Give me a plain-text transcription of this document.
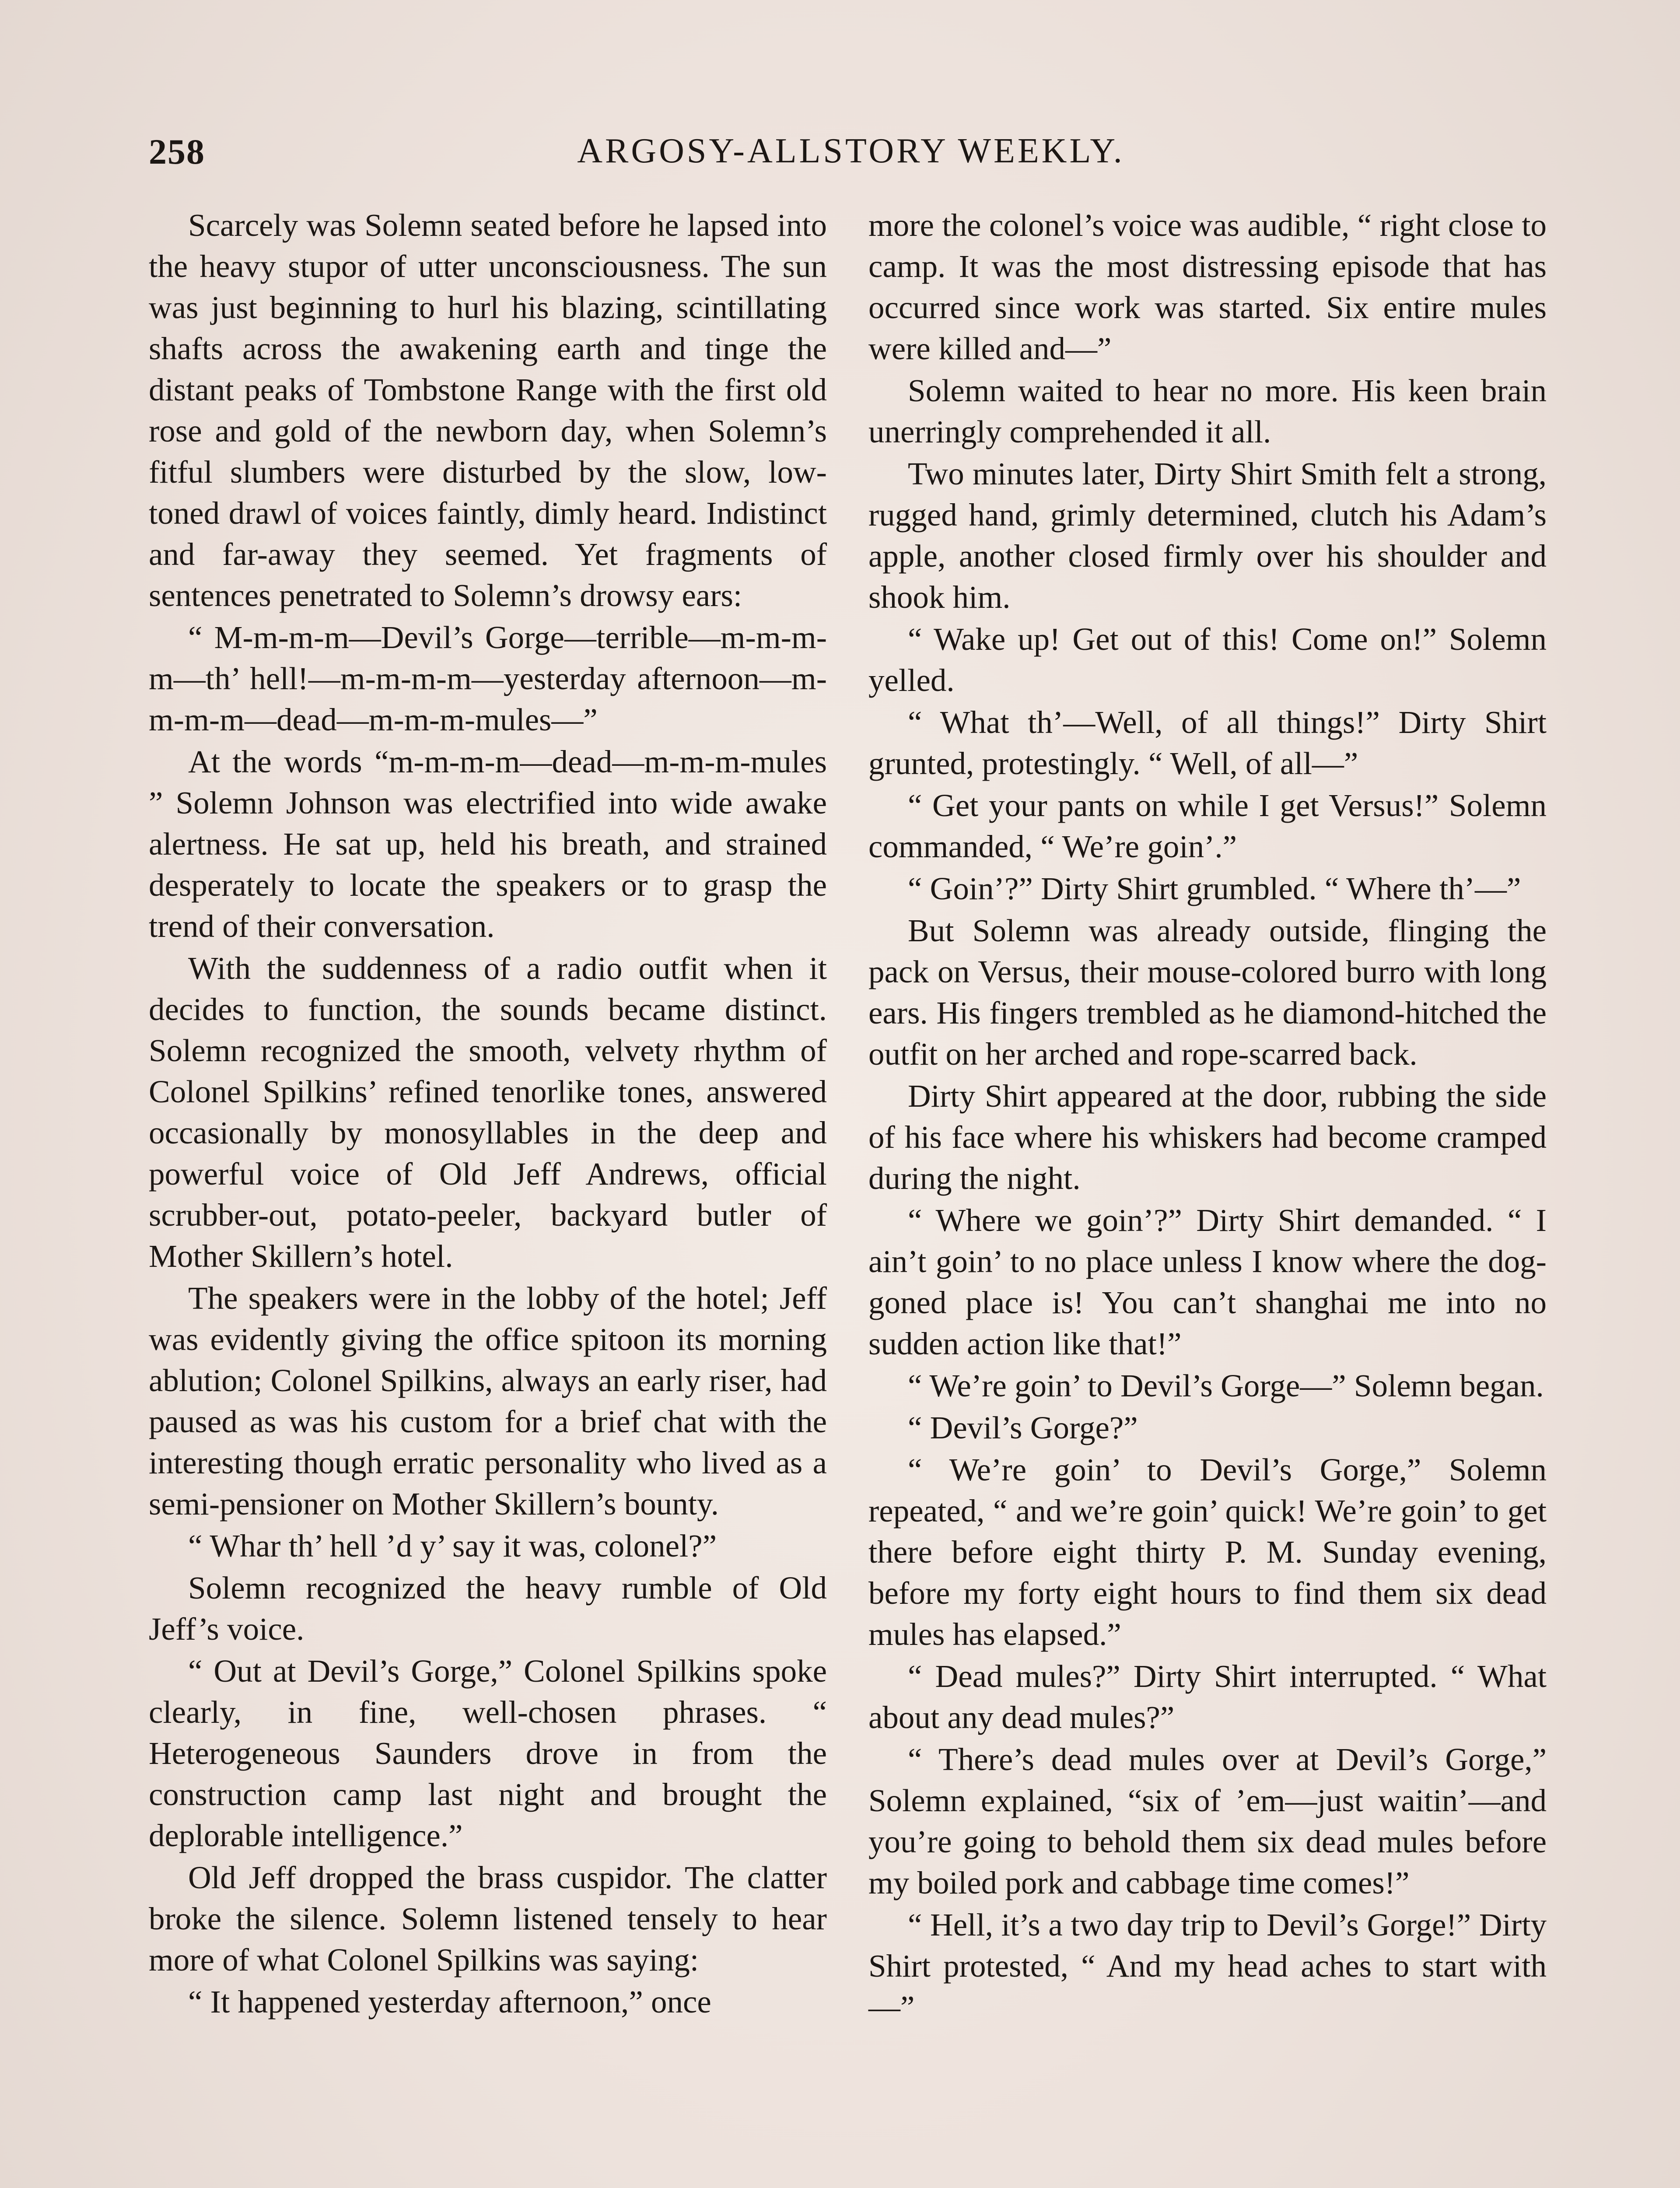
258	ARGOSY-ALLSTORY WEEKLY.

Scarcely was Solemn seated before he lapsed into the heavy stupor of utter unconsciousness. The sun was just beginning to hurl his blazing, scintillating shafts across the awakening earth and tinge the distant peaks of Tombstone Range with the first old rose and gold of the newborn day, when Solemn’s fitful slumbers were disturbed by the slow, low-toned drawl of voices faintly, dimly heard. Indistinct and far-away they seemed. Yet fragments of sentences penetrated to Solemn’s drowsy ears:

“ M-m-m-m—Devil’s Gorge—terrible—m-m-m-m—th’ hell!—m-m-m-m—yesterday afternoon—m-m-m-m—dead—m-m-m-mules—”

At the words “m-m-m-m—dead—m-m-m-mules ” Solemn Johnson was electrified into wide awake alertness. He sat up, held his breath, and strained desperately to locate the speakers or to grasp the trend of their conversation.

With the suddenness of a radio outfit when it decides to function, the sounds became distinct. Solemn recognized the smooth, velvety rhythm of Colonel Spilkins’ refined tenorlike tones, answered occasionally by monosyllables in the deep and powerful voice of Old Jeff Andrews, official scrubber-out, potato-peeler, backyard butler of Mother Skillern’s hotel.

The speakers were in the lobby of the hotel; Jeff was evidently giving the office spitoon its morning ablution; Colonel Spilkins, always an early riser, had paused as was his custom for a brief chat with the interesting though erratic personality who lived as a semi-pensioner on Mother Skillern’s bounty.

“ Whar th’ hell ’d y’ say it was, colonel?”

Solemn recognized the heavy rumble of Old Jeff’s voice.

“ Out at Devil’s Gorge,” Colonel Spilkins spoke clearly, in fine, well-chosen phrases. “ Heterogeneous Saunders drove in from the construction camp last night and brought the deplorable intelligence.”

Old Jeff dropped the brass cuspidor. The clatter broke the silence. Solemn listened tensely to hear more of what Colonel Spilkins was saying:

“ It happened yesterday afternoon,” once

more the colonel’s voice was audible, “ right close to camp. It was the most distressing episode that has occurred since work was started. Six entire mules were killed and—”

Solemn waited to hear no more. His keen brain unerringly comprehended it all.

Two minutes later, Dirty Shirt Smith felt a strong, rugged hand, grimly determined, clutch his Adam’s apple, another closed firmly over his shoulder and shook him.

“ Wake up! Get out of this! Come on!” Solemn yelled.

“ What th’—Well, of all things!” Dirty Shirt grunted, protestingly. “ Well, of all—”

“ Get your pants on while I get Versus!” Solemn commanded, “ We’re goin’.”

“ Goin’?” Dirty Shirt grumbled. “ Where th’—”

But Solemn was already outside, flinging the pack on Versus, their mouse-colored burro with long ears. His fingers trembled as he diamond-hitched the outfit on her arched and rope-scarred back.

Dirty Shirt appeared at the door, rubbing the side of his face where his whiskers had become cramped during the night.

“ Where we goin’?” Dirty Shirt demanded. “ I ain’t goin’ to no place unless I know where the dog-goned place is! You can’t shanghai me into no sudden action like that!”

“ We’re goin’ to Devil’s Gorge—” Solemn began.

“ Devil’s Gorge?”

“ We’re goin’ to Devil’s Gorge,” Solemn repeated, “ and we’re goin’ quick! We’re goin’ to get there before eight thirty P. M. Sunday evening, before my forty eight hours to find them six dead mules has elapsed.”

“ Dead mules?” Dirty Shirt interrupted. “ What about any dead mules?”

“ There’s dead mules over at Devil’s Gorge,” Solemn explained, “six of ’em—just waitin’—and you’re going to behold them six dead mules before my boiled pork and cabbage time comes!”

“ Hell, it’s a two day trip to Devil’s Gorge!” Dirty Shirt protested, “ And my head aches to start with—”
